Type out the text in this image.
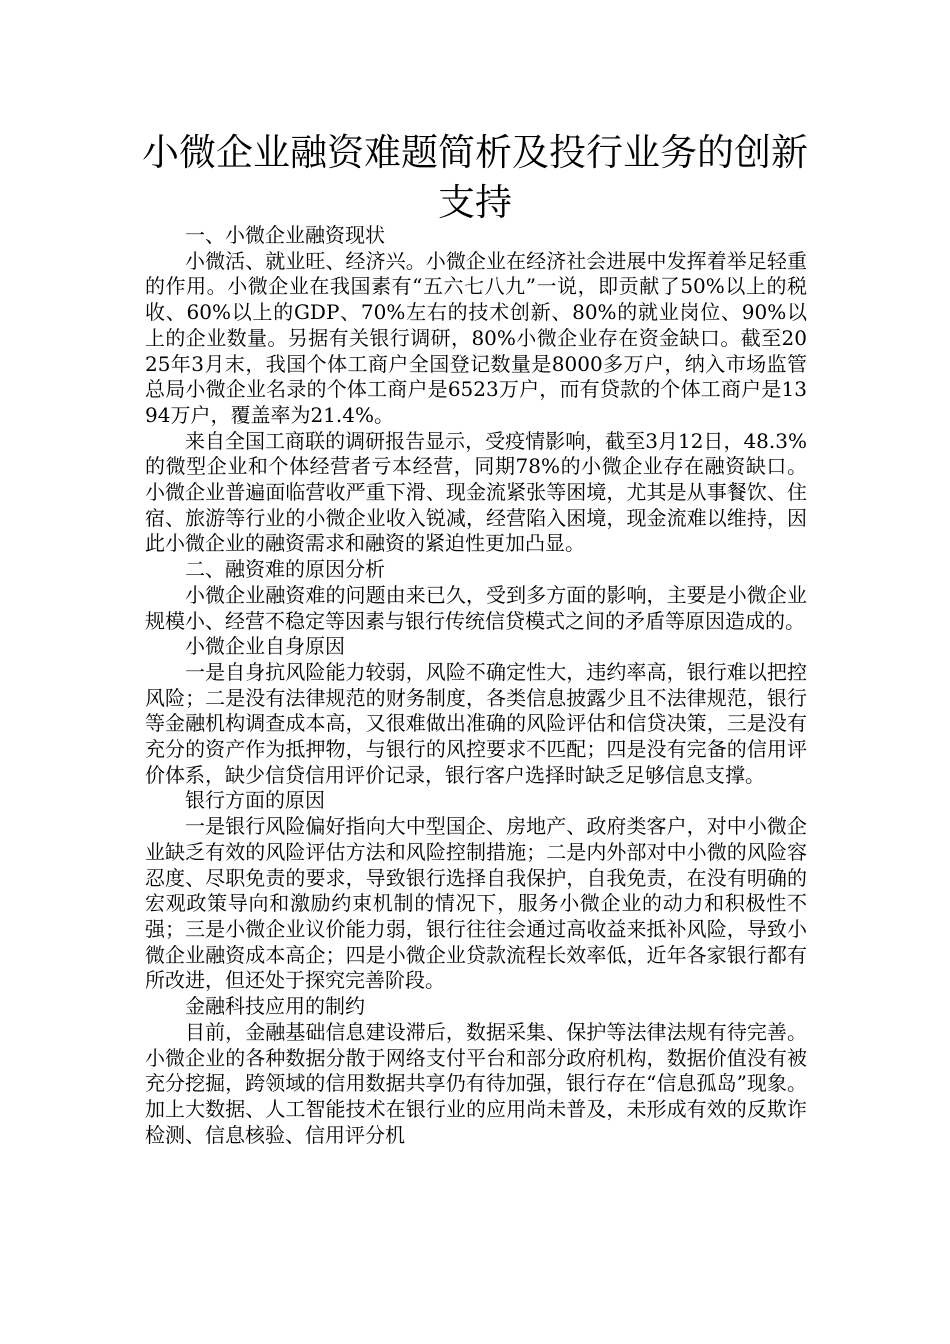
小微企业融资难题简析及投行业务的创新支持

一、小微企业融资现状

小微活、就业旺、经济兴。小微企业在经济社会进展中发挥着举足轻重的作用。小微企业在我国素有“五六七八九”一说，即贡献了50%以上的税收、60%以上的GDP、70%左右的技术创新、80%的就业岗位、90%以上的企业数量。另据有关银行调研，80%小微企业存在资金缺口。截至2025年3月末，我国个体工商户全国登记数量是8000多万户，纳入市场监管总局小微企业名录的个体工商户是6523万户，而有贷款的个体工商户是1394万户，覆盖率为21.4%。

来自全国工商联的调研报告显示，受疫情影响，截至3月12日，48.3%的微型企业和个体经营者亏本经营，同期78%的小微企业存在融资缺口。小微企业普遍面临营收严重下滑、现金流紧张等困境，尤其是从事餐饮、住宿、旅游等行业的小微企业收入锐减，经营陷入困境，现金流难以维持，因此小微企业的融资需求和融资的紧迫性更加凸显。

二、融资难的原因分析

小微企业融资难的问题由来已久，受到多方面的影响，主要是小微企业规模小、经营不稳定等因素与银行传统信贷模式之间的矛盾等原因造成的。

小微企业自身原因

一是自身抗风险能力较弱，风险不确定性大，违约率高，银行难以把控风险；二是没有法律规范的财务制度，各类信息披露少且不法律规范，银行等金融机构调查成本高，又很难做出准确的风险评估和信贷决策，三是没有充分的资产作为抵押物，与银行的风控要求不匹配；四是没有完备的信用评价体系，缺少信贷信用评价记录，银行客户选择时缺乏足够信息支撑。

银行方面的原因

一是银行风险偏好指向大中型国企、房地产、政府类客户，对中小微企业缺乏有效的风险评估方法和风险控制措施；二是内外部对中小微的风险容忍度、尽职免责的要求，导致银行选择自我保护，自我免责，在没有明确的宏观政策导向和激励约束机制的情况下，服务小微企业的动力和积极性不强；三是小微企业议价能力弱，银行往往会通过高收益来抵补风险，导致小微企业融资成本高企；四是小微企业贷款流程长效率低，近年各家银行都有所改进，但还处于探究完善阶段。

金融科技应用的制约

目前，金融基础信息建设滞后，数据采集、保护等法律法规有待完善。小微企业的各种数据分散于网络支付平台和部分政府机构，数据价值没有被充分挖掘，跨领域的信用数据共享仍有待加强，银行存在“信息孤岛”现象。加上大数据、人工智能技术在银行业的应用尚未普及，未形成有效的反欺诈检测、信息核验、信用评分机
